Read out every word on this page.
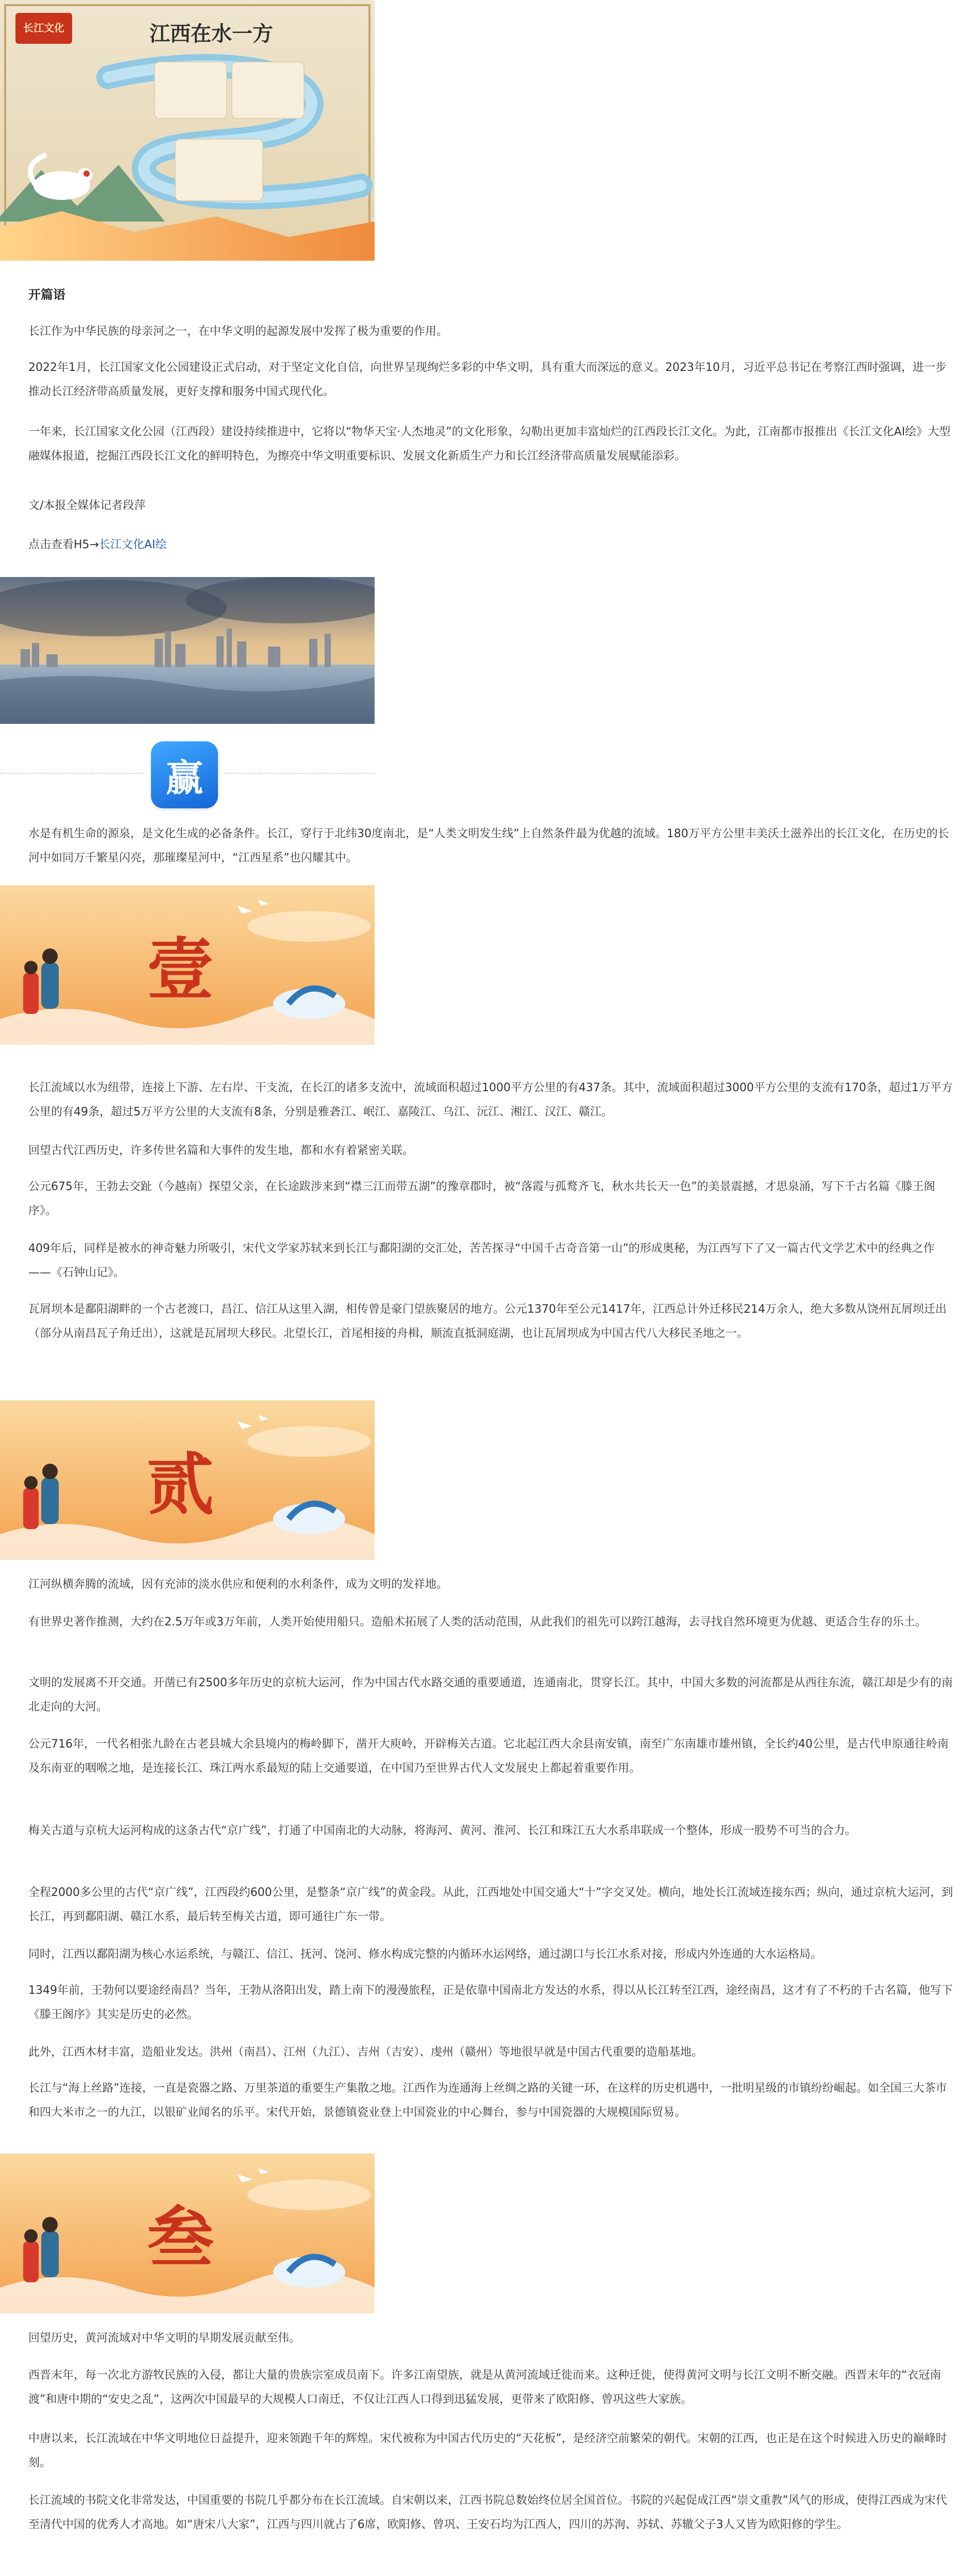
长江文化	江西在水一方
开篇语

长江作为中华民族的母亲河之一，在中华文明的起源发展中发挥了极为重要的作用。

2022年1月，长江国家文化公园建设正式启动，对于坚定文化自信，向世界呈现绚烂多彩的中华文明，具有重大而深远的意义。2023年10月，习近平总书记在考察江西时强调，进一步推动长江经济带高质量发展，更好支撑和服务中国式现代化。

一年来，长江国家文化公园（江西段）建设持续推进中，它将以“物华天宝·人杰地灵”的文化形象，勾勒出更加丰富灿烂的江西段长江文化。为此，江南都市报推出《长江文化AI绘》大型融媒体报道，挖掘江西段长江文化的鲜明特色，为擦亮中华文明重要标识、发展文化新质生产力和长江经济带高质量发展赋能添彩。

文/本报全媒体记者段萍

点击查看H5→长江文化AI绘
赢

水是有机生命的源泉，是文化生成的必备条件。长江，穿行于北纬30度南北，是“人类文明发生线”上自然条件最为优越的流域。180万平方公里丰美沃土滋养出的长江文化，在历史的长河中如同万千繁星闪亮，那璀璨星河中，“江西星系”也闪耀其中。

壹

长江流域以水为纽带，连接上下游、左右岸、干支流，在长江的诸多支流中，流域面积超过1000平方公里的有437条。其中，流域面积超过3000平方公里的支流有170条，超过1万平方公里的有49条，超过5万平方公里的大支流有8条，分别是雅砻江、岷江、嘉陵江、乌江、沅江、湘江、汉江、赣江。

回望古代江西历史，许多传世名篇和大事件的发生地，都和水有着紧密关联。

公元675年，王勃去交趾（今越南）探望父亲，在长途跋涉来到“襟三江而带五湖”的豫章郡时，被“落霞与孤鹜齐飞，秋水共长天一色”的美景震撼，才思泉涌，写下千古名篇《滕王阁序》。

409年后，同样是被水的神奇魅力所吸引，宋代文学家苏轼来到长江与鄱阳湖的交汇处，苦苦探寻“中国千古奇音第一山”的形成奥秘，为江西写下了又一篇古代文学艺术中的经典之作——《石钟山记》。

瓦屑坝本是鄱阳湖畔的一个古老渡口，昌江、信江从这里入湖，相传曾是豪门望族聚居的地方。公元1370年至公元1417年，江西总计外迁移民214万余人，绝大多数从饶州瓦屑坝迁出（部分从南昌瓦子角迁出），这就是瓦屑坝大移民。北望长江，首尾相接的舟楫，顺流直抵洞庭湖，也让瓦屑坝成为中国古代八大移民圣地之一。

贰

江河纵横奔腾的流域，因有充沛的淡水供应和便利的水利条件，成为文明的发祥地。

有世界史著作推测，大约在2.5万年或3万年前，人类开始使用船只。造船术拓展了人类的活动范围，从此我们的祖先可以跨江越海，去寻找自然环境更为优越、更适合生存的乐土。

文明的发展离不开交通。开凿已有2500多年历史的京杭大运河，作为中国古代水路交通的重要通道，连通南北，贯穿长江。其中，中国大多数的河流都是从西往东流，赣江却是少有的南北走向的大河。

公元716年，一代名相张九龄在古老县城大余县境内的梅岭脚下，凿开大庾岭，开辟梅关古道。它北起江西大余县南安镇，南至广东南雄市雄州镇，全长约40公里，是古代申原通往岭南及东南亚的咽喉之地，是连接长江、珠江两水系最短的陆上交通要道，在中国乃至世界古代人文发展史上都起着重要作用。

梅关古道与京杭大运河构成的这条古代“京广线”，打通了中国南北的大动脉，将海河、黄河、淮河、长江和珠江五大水系串联成一个整体，形成一股势不可当的合力。

全程2000多公里的古代“京广线”，江西段约600公里，是整条“京广线”的黄金段。从此，江西地处中国交通大“十”字交叉处。横向，地处长江流域连接东西；纵向，通过京杭大运河，到长江，再到鄱阳湖、赣江水系，最后转至梅关古道，即可通往广东一带。

同时，江西以鄱阳湖为核心水运系统，与赣江、信江、抚河、饶河、修水构成完整的内循环水运网络，通过湖口与长江水系对接，形成内外连通的大水运格局。

1349年前，王勃何以要途经南昌？当年，王勃从洛阳出发，踏上南下的漫漫旅程，正是依靠中国南北方发达的水系，得以从长江转至江西，途经南昌，这才有了不朽的千古名篇，他写下《滕王阁序》其实是历史的必然。

此外，江西木材丰富，造船业发达。洪州（南昌）、江州（九江）、吉州（吉安）、虔州（赣州）等地很早就是中国古代重要的造船基地。

长江与“海上丝路”连接，一直是瓷器之路、万里茶道的重要生产集散之地。江西作为连通海上丝绸之路的关键一环，在这样的历史机遇中，一批明星级的市镇纷纷崛起。如全国三大茶市和四大米市之一的九江，以银矿业闻名的乐平。宋代开始，景德镇瓷业登上中国瓷业的中心舞台，参与中国瓷器的大规模国际贸易。

叁

回望历史，黄河流域对中华文明的早期发展贡献至伟。

西晋末年，每一次北方游牧民族的入侵，都让大量的贵族宗室成员南下。许多江南望族，就是从黄河流域迁徙而来。这种迁徙，使得黄河文明与长江文明不断交融。西晋末年的“衣冠南渡”和唐中期的“安史之乱”，这两次中国最早的大规模人口南迁，不仅让江西人口得到迅猛发展，更带来了欧阳修、曾巩这些大家族。

中唐以来，长江流域在中华文明地位日益提升，迎来领跑千年的辉煌。宋代被称为中国古代历史的“天花板”，是经济空前繁荣的朝代。宋朝的江西，也正是在这个时候进入历史的巅峰时刻。

长江流域的书院文化非常发达，中国重要的书院几乎都分布在长江流域。自宋朝以来，江西书院总数始终位居全国首位。书院的兴起促成江西“崇文重教”风气的形成，使得江西成为宋代至清代中国的优秀人才高地。如“唐宋八大家”，江西与四川就占了6席，欧阳修、曾巩、王安石均为江西人，四川的苏洵、苏轼、苏辙父子3人又皆为欧阳修的学生。
